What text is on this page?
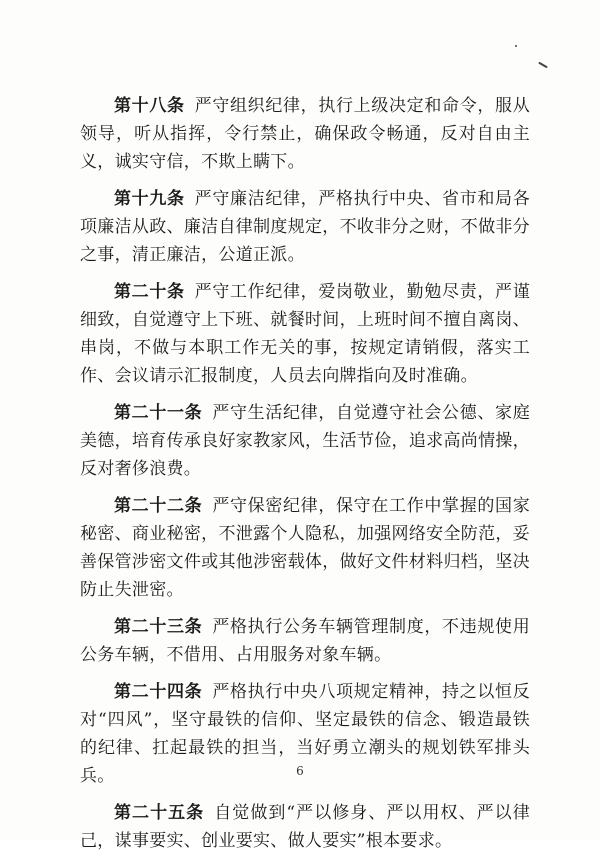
第十八条 严守组织纪律，执行上级决定和命令，服从领导，听从指挥，令行禁止，确保政令畅通，反对自由主义，诚实守信，不欺上瞒下。

第十九条 严守廉洁纪律，严格执行中央、省市和局各项廉洁从政、廉洁自律制度规定，不收非分之财，不做非分之事，清正廉洁，公道正派。

第二十条 严守工作纪律，爱岗敬业，勤勉尽责，严谨细致，自觉遵守上下班、就餐时间，上班时间不擅自离岗、串岗，不做与本职工作无关的事，按规定请销假，落实工作、会议请示汇报制度，人员去向牌指向及时准确。

第二十一条 严守生活纪律，自觉遵守社会公德、家庭美德，培育传承良好家教家风，生活节俭，追求高尚情操，反对奢侈浪费。

第二十二条 严守保密纪律，保守在工作中掌握的国家秘密、商业秘密，不泄露个人隐私，加强网络安全防范，妥善保管涉密文件或其他涉密载体，做好文件材料归档，坚决防止失泄密。

第二十三条 严格执行公务车辆管理制度，不违规使用公务车辆，不借用、占用服务对象车辆。

第二十四条 严格执行中央八项规定精神，持之以恒反对“四风”，坚守最铁的信仰、坚定最铁的信念、锻造最铁的纪律、扛起最铁的担当，当好勇立潮头的规划铁军排头兵。

第二十五条 自觉做到“严以修身、严以用权、严以律己，谋事要实、创业要实、做人要实”根本要求。

6
